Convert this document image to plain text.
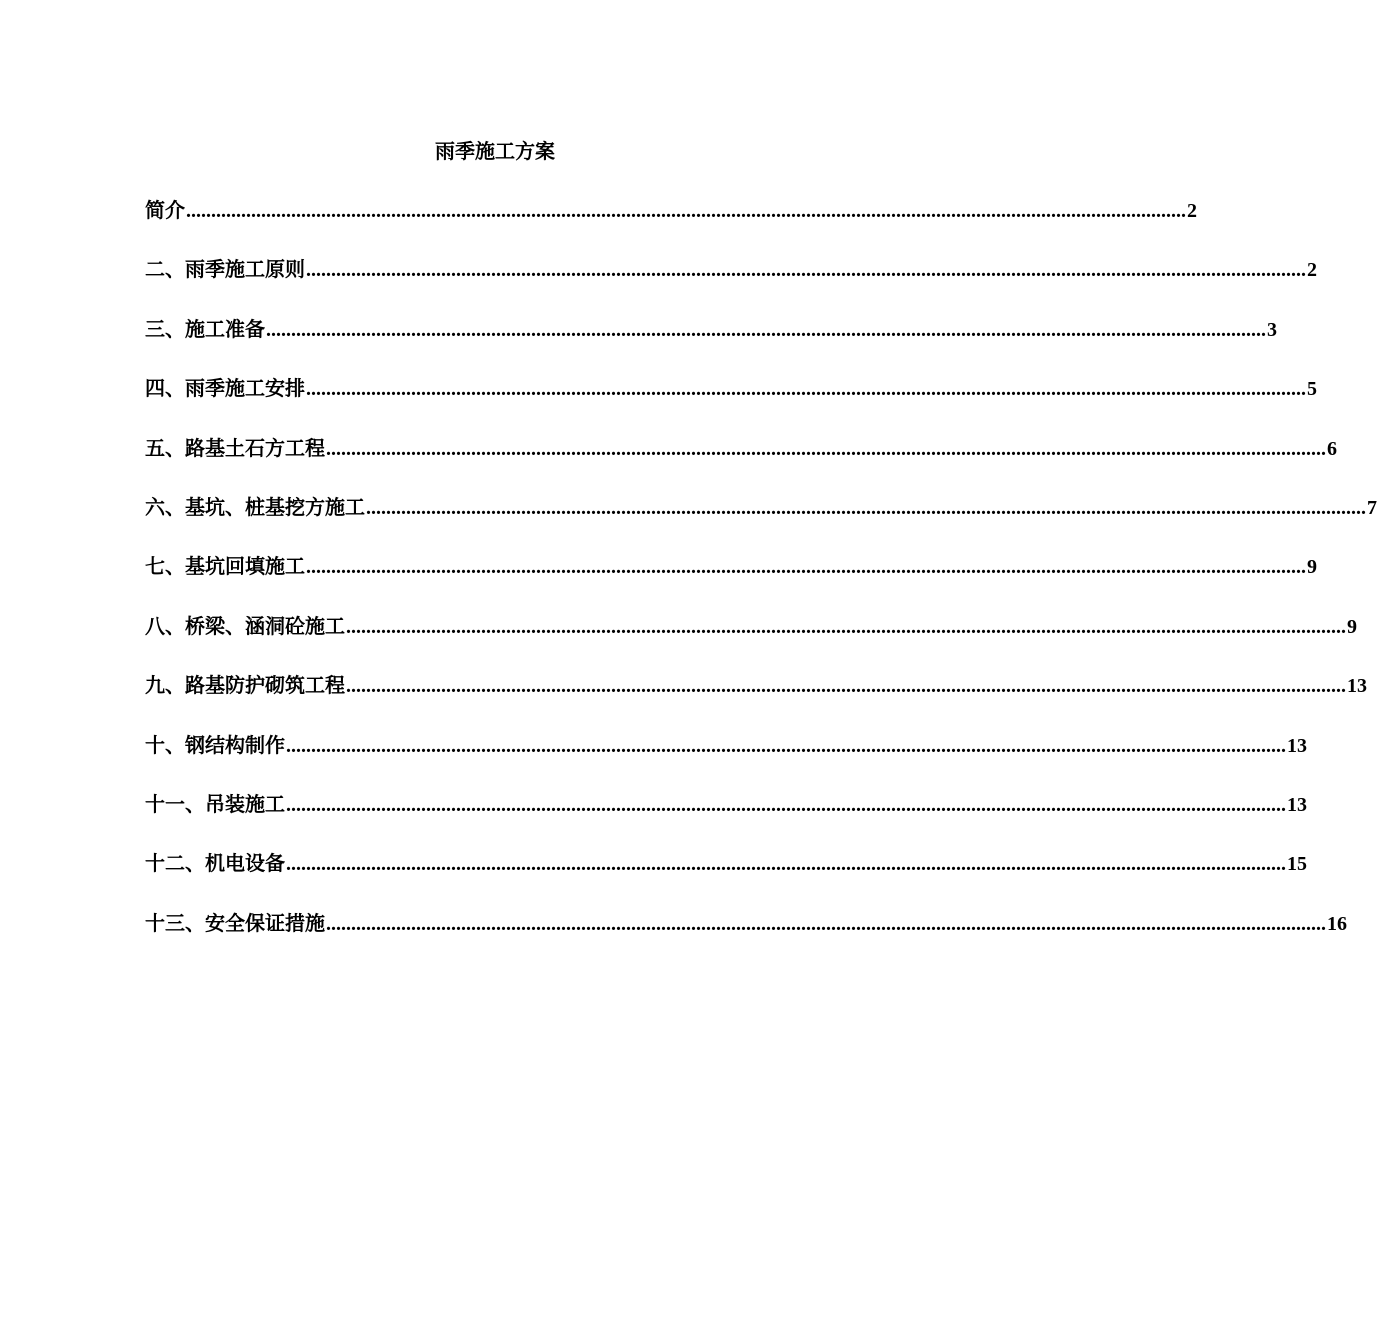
雨季施工方案
简介 ........................................................................................................................................................................................................ 2
二、雨季施工原则 ........................................................................................................................................................................................................ 2
三、 施工准备 ........................................................................................................................................................................................................ 3
四、雨季施工安排 ........................................................................................................................................................................................................ 5
五、路基土石方工程 ........................................................................................................................................................................................................ 6
六、基坑、桩基挖方施工 ........................................................................................................................................................................................................ 7
七、基坑回填施工 ........................................................................................................................................................................................................ 9
八、桥梁、涵洞砼施工 ........................................................................................................................................................................................................ 9
九、路基防护砌筑工程 ........................................................................................................................................................................................................ 13
十、钢结构制作 ........................................................................................................................................................................................................ 13
十一、吊装施工 ........................................................................................................................................................................................................ 13
十二、机电设备 ........................................................................................................................................................................................................ 15
十三、安全保证措施 ........................................................................................................................................................................................................ 16
